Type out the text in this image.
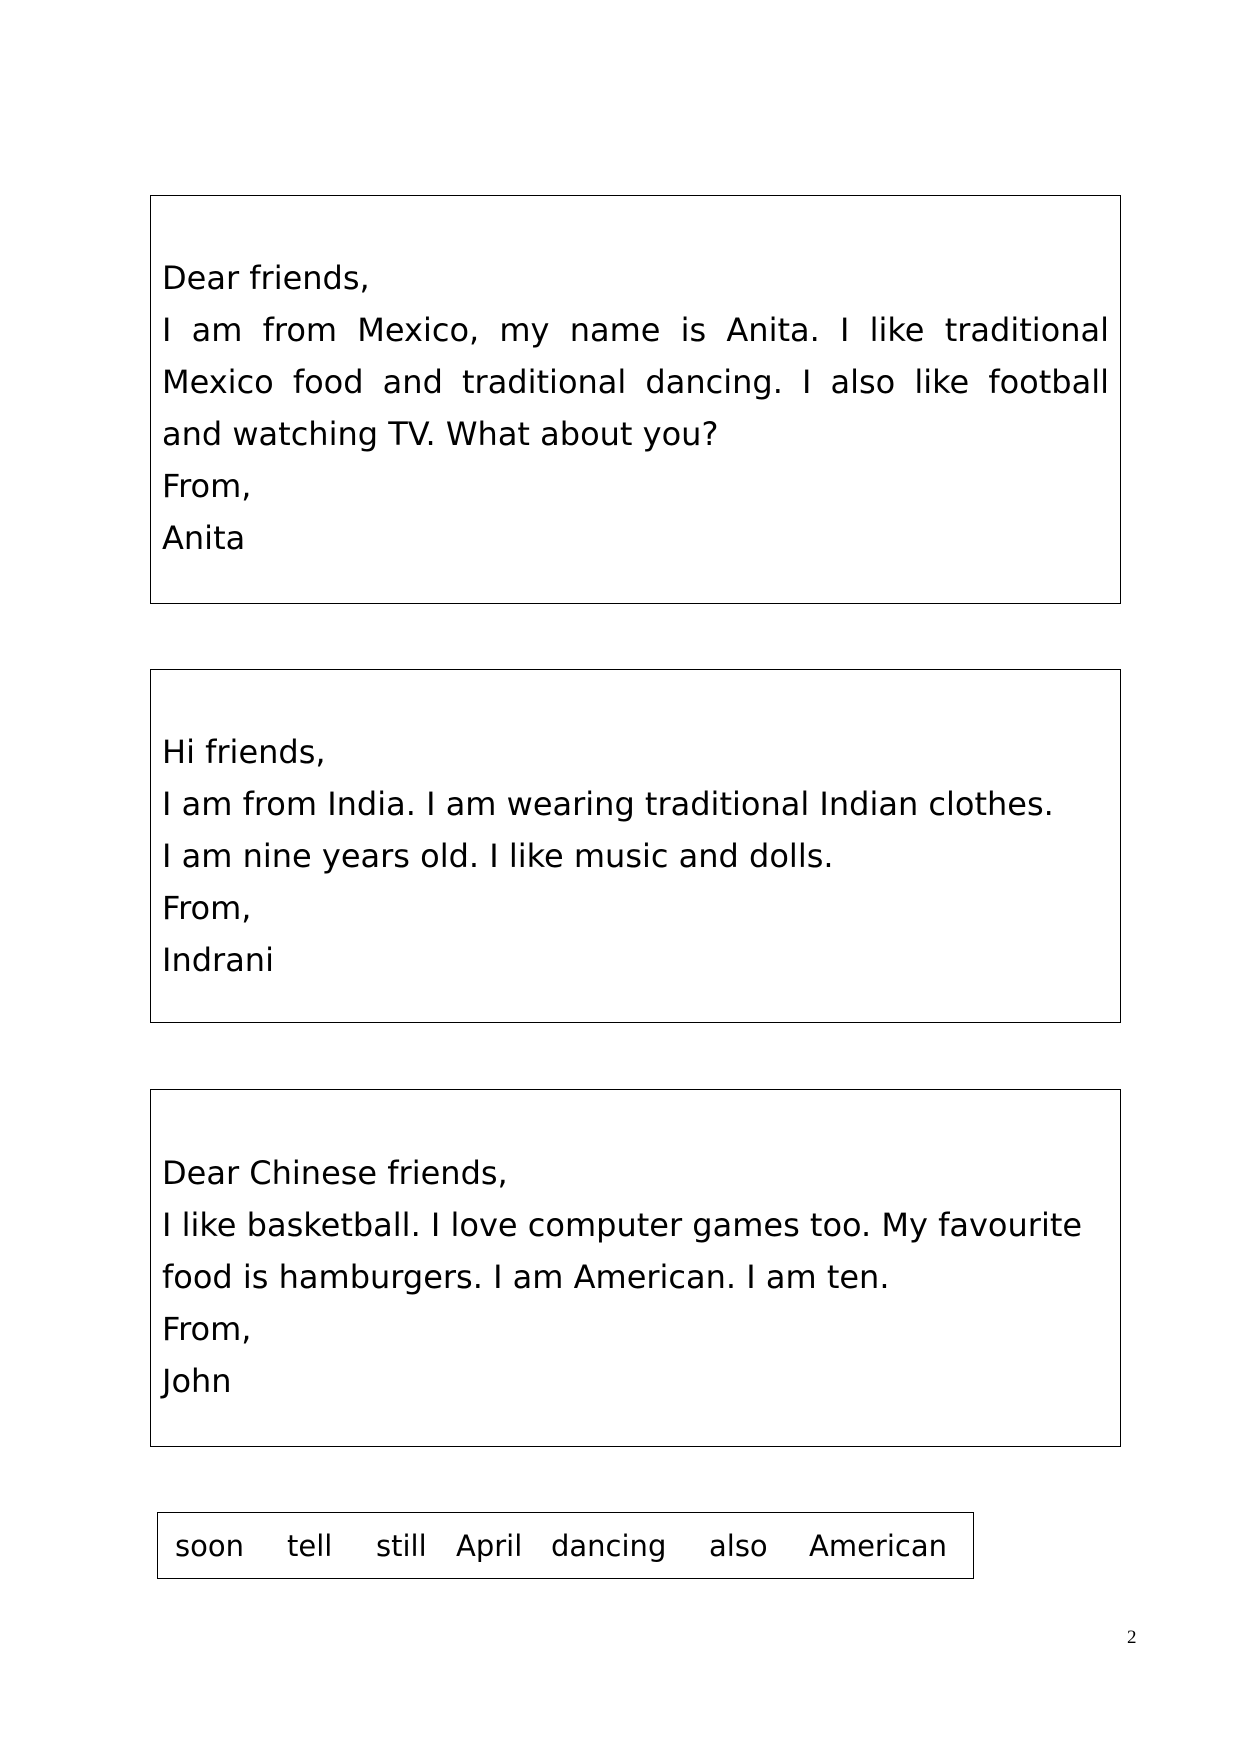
Dear friends,
I am from Mexico, my name is Anita. I like traditional
Mexico food and traditional dancing. I also like football
and watching TV. What about you?
From,
Anita
Hi friends,
I am from India. I am wearing traditional Indian clothes.
I am nine years old. I like music and dolls.
From,
Indrani
Dear Chinese friends,
I like basketball. I love computer games too. My favourite
food is hamburgers. I am American. I am ten.
From,
John
soon tell still April dancing also American
2
